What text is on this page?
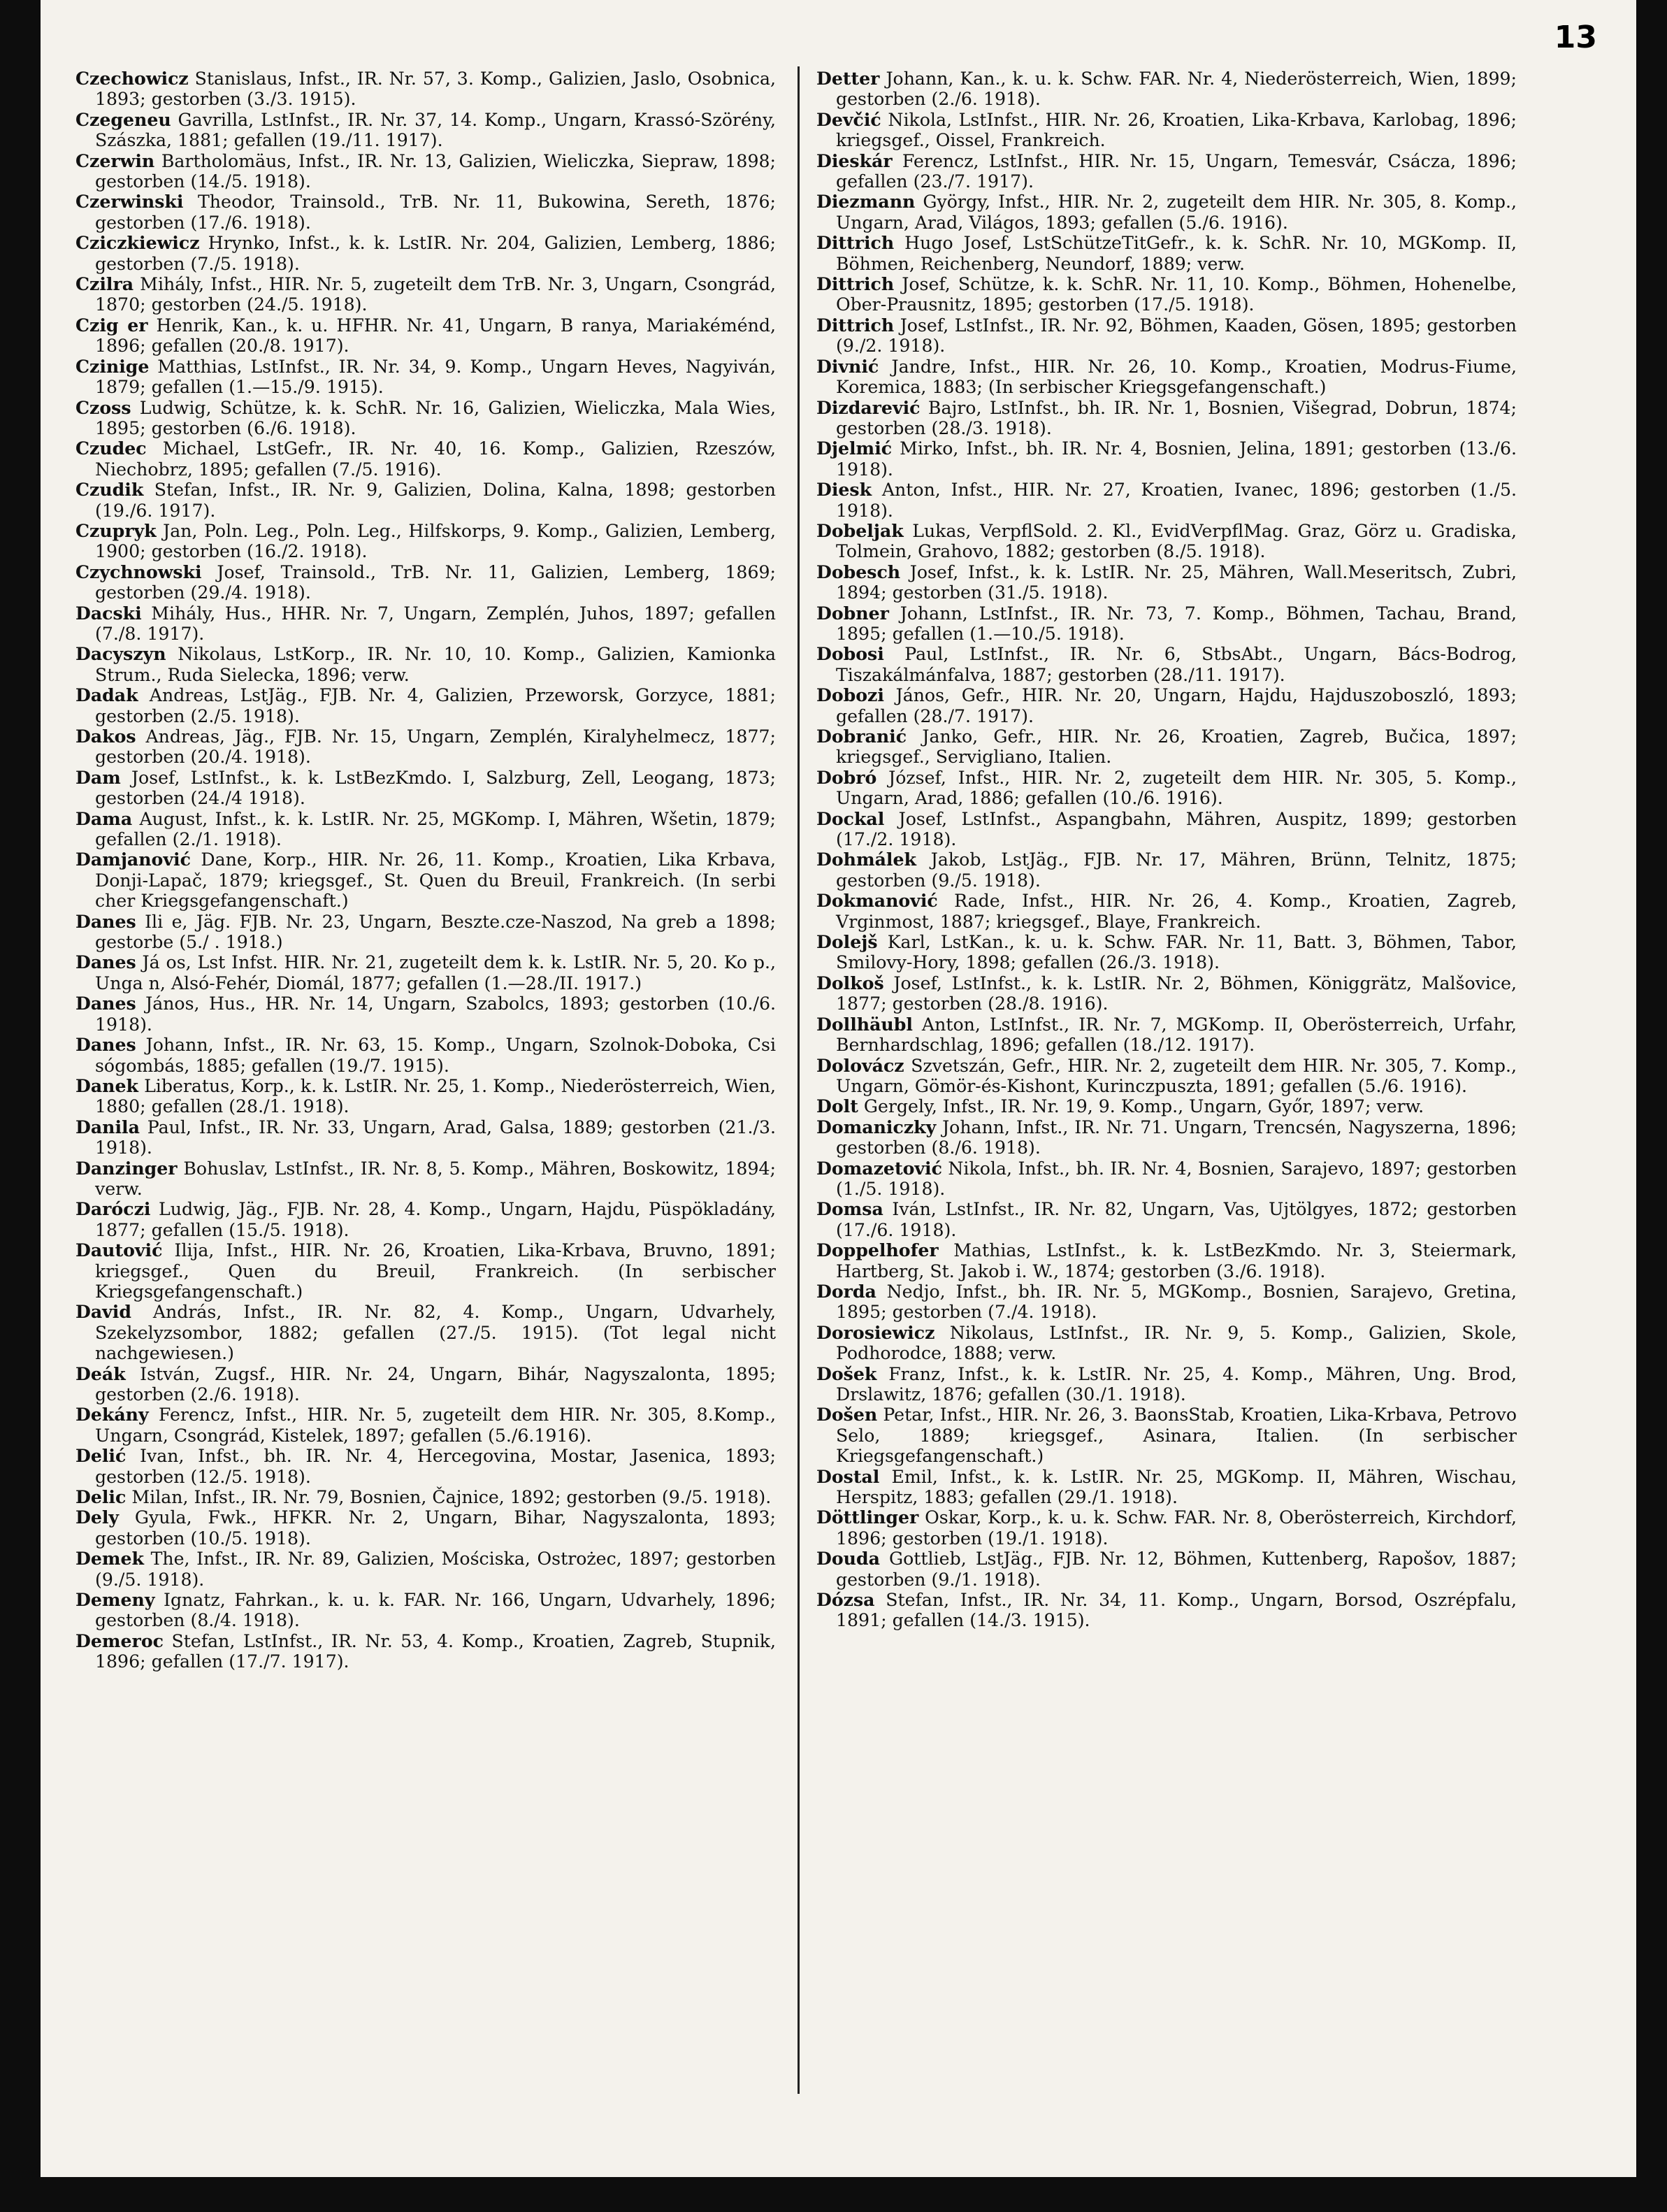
13

Czechowicz Stanislaus, Infst., IR. Nr. 57, 3. Komp., Galizien, Jaslo, Osobnica, 1893; gestorben (3./3. 1915).

Czegeneu Gavrilla, LstInfst., IR. Nr. 37, 14. Komp., Ungarn, Krassó-Szörény, Szászka, 1881; gefallen (19./11. 1917).

Czerwin Bartholomäus, Infst., IR. Nr. 13, Galizien, Wieliczka, Siepraw, 1898; gestorben (14./5. 1918).

Czerwinski Theodor, Trainsold., TrB. Nr. 11, Bukowina, Sereth, 1876; gestorben (17./6. 1918).

Cziczkiewicz Hrynko, Infst., k. k. LstIR. Nr. 204, Galizien, Lemberg, 1886; gestorben (7./5. 1918).

Czilra Mihály, Infst., HIR. Nr. 5, zugeteilt dem TrB. Nr. 3, Ungarn, Csongrád, 1870; gestorben (24./5. 1918).

Czig er Henrik, Kan., k. u. HFHR. Nr. 41, Ungarn, B ranya, Mariakéménd, 1896; gefallen (20./8. 1917).

Czinige Matthias, LstInfst., IR. Nr. 34, 9. Komp., Ungarn Heves, Nagyiván, 1879; gefallen (1.—15./9. 1915).

Czoss Ludwig, Schütze, k. k. SchR. Nr. 16, Galizien, Wieliczka, Mala Wies, 1895; gestorben (6./6. 1918).

Czudec Michael, LstGefr., IR. Nr. 40, 16. Komp., Galizien, Rzeszów, Niechobrz, 1895; gefallen (7./5. 1916).

Czudik Stefan, Infst., IR. Nr. 9, Galizien, Dolina, Kalna, 1898; gestorben (19./6. 1917).

Czupryk Jan, Poln. Leg., Poln. Leg., Hilfskorps, 9. Komp., Galizien, Lemberg, 1900; gestorben (16./2. 1918).

Czychnowski Josef, Trainsold., TrB. Nr. 11, Galizien, Lemberg, 1869; gestorben (29./4. 1918).

Dacski Mihály, Hus., HHR. Nr. 7, Ungarn, Zemplén, Juhos, 1897; gefallen (7./8. 1917).

Dacyszyn Nikolaus, LstKorp., IR. Nr. 10, 10. Komp., Galizien, Kamionka Strum., Ruda Sielecka, 1896; verw.

Dadak Andreas, LstJäg., FJB. Nr. 4, Galizien, Przeworsk, Gorzyce, 1881; gestorben (2./5. 1918).

Dakos Andreas, Jäg., FJB. Nr. 15, Ungarn, Zemplén, Kiralyhelmecz, 1877; gestorben (20./4. 1918).

Dam Josef, LstInfst., k. k. LstBezKmdo. I, Salzburg, Zell, Leogang, 1873; gestorben (24./4 1918).

Dama August, Infst., k. k. LstIR. Nr. 25, MGKomp. I, Mähren, Wšetin, 1879; gefallen (2./1. 1918).

Damjanović Dane, Korp., HIR. Nr. 26, 11. Komp., Kroatien, Lika Krbava, Donji-Lapač, 1879; kriegsgef., St. Quen du Breuil, Frankreich. (In serbi cher Kriegsgefangenschaft.)

Danes Ili e, Jäg. FJB. Nr. 23, Ungarn, Beszte.cze-Naszod, Na greb a 1898; gestorbe (5./ . 1918.)

Danes Já os, Lst Infst. HIR. Nr. 21, zugeteilt dem k. k. LstIR. Nr. 5, 20. Ko p., Unga n, Alsó-Fehér, Diomál, 1877; gefallen (1.—28./II. 1917.)

Danes János, Hus., HR. Nr. 14, Ungarn, Szabolcs, 1893; gestorben (10./6. 1918).

Danes Johann, Infst., IR. Nr. 63, 15. Komp., Ungarn, Szolnok-Doboka, Csi sógombás, 1885; gefallen (19./7. 1915).

Danek Liberatus, Korp., k. k. LstIR. Nr. 25, 1. Komp., Niederösterreich, Wien, 1880; gefallen (28./1. 1918).

Danila Paul, Infst., IR. Nr. 33, Ungarn, Arad, Galsa, 1889; gestorben (21./3. 1918).

Danzinger Bohuslav, LstInfst., IR. Nr. 8, 5. Komp., Mähren, Boskowitz, 1894; verw.

Daróczi Ludwig, Jäg., FJB. Nr. 28, 4. Komp., Ungarn, Hajdu, Püspökladány, 1877; gefallen (15./5. 1918).

Dautović Ilija, Infst., HIR. Nr. 26, Kroatien, Lika-Krbava, Bruvno, 1891; kriegsgef., Quen du Breuil, Frankreich. (In serbischer Kriegsgefangenschaft.)

David András, Infst., IR. Nr. 82, 4. Komp., Ungarn, Udvarhely, Szekelyzsombor, 1882; gefallen (27./5. 1915). (Tot legal nicht nachgewiesen.)

Deák István, Zugsf., HIR. Nr. 24, Ungarn, Bihár, Nagyszalonta, 1895; gestorben (2./6. 1918).

Dekány Ferencz, Infst., HIR. Nr. 5, zugeteilt dem HIR. Nr. 305, 8.Komp., Ungarn, Csongrád, Kistelek, 1897; gefallen (5./6.1916).

Delić Ivan, Infst., bh. IR. Nr. 4, Hercegovina, Mostar, Jasenica, 1893; gestorben (12./5. 1918).

Delic Milan, Infst., IR. Nr. 79, Bosnien, Čajnice, 1892; gestorben (9./5. 1918).

Dely Gyula, Fwk., HFKR. Nr. 2, Ungarn, Bihar, Nagyszalonta, 1893; gestorben (10./5. 1918).

Demek The, Infst., IR. Nr. 89, Galizien, Mościska, Ostrożec, 1897; gestorben (9./5. 1918).

Demeny Ignatz, Fahrkan., k. u. k. FAR. Nr. 166, Ungarn, Udvarhely, 1896; gestorben (8./4. 1918).

Demeroc Stefan, LstInfst., IR. Nr. 53, 4. Komp., Kroatien, Zagreb, Stupnik, 1896; gefallen (17./7. 1917).

Detter Johann, Kan., k. u. k. Schw. FAR. Nr. 4, Niederösterreich, Wien, 1899; gestorben (2./6. 1918).

Devčić Nikola, LstInfst., HIR. Nr. 26, Kroatien, Lika-Krbava, Karlobag, 1896; kriegsgef., Oissel, Frankreich.

Dieskár Ferencz, LstInfst., HIR. Nr. 15, Ungarn, Temesvár, Csácza, 1896; gefallen (23./7. 1917).

Diezmann György, Infst., HIR. Nr. 2, zugeteilt dem HIR. Nr. 305, 8. Komp., Ungarn, Arad, Világos, 1893; gefallen (5./6. 1916).

Dittrich Hugo Josef, LstSchützeTitGefr., k. k. SchR. Nr. 10, MGKomp. II, Böhmen, Reichenberg, Neundorf, 1889; verw.

Dittrich Josef, Schütze, k. k. SchR. Nr. 11, 10. Komp., Böhmen, Hohenelbe, Ober-Prausnitz, 1895; gestorben (17./5. 1918).

Dittrich Josef, LstInfst., IR. Nr. 92, Böhmen, Kaaden, Gösen, 1895; gestorben (9./2. 1918).

Divnić Jandre, Infst., HIR. Nr. 26, 10. Komp., Kroatien, Modrus-Fiume, Koremica, 1883; (In serbischer Kriegsgefangenschaft.)

Dizdarević Bajro, LstInfst., bh. IR. Nr. 1, Bosnien, Višegrad, Dobrun, 1874; gestorben (28./3. 1918).

Djelmić Mirko, Infst., bh. IR. Nr. 4, Bosnien, Jelina, 1891; gestorben (13./6. 1918).

Diesk Anton, Infst., HIR. Nr. 27, Kroatien, Ivanec, 1896; gestorben (1./5. 1918).

Dobeljak Lukas, VerpflSold. 2. Kl., EvidVerpflMag. Graz, Görz u. Gradiska, Tolmein, Grahovo, 1882; gestorben (8./5. 1918).

Dobesch Josef, Infst., k. k. LstIR. Nr. 25, Mähren, Wall.Meseritsch, Zubri, 1894; gestorben (31./5. 1918).

Dobner Johann, LstInfst., IR. Nr. 73, 7. Komp., Böhmen, Tachau, Brand, 1895; gefallen (1.—10./5. 1918).

Dobosi Paul, LstInfst., IR. Nr. 6, StbsAbt., Ungarn, Bács-Bodrog, Tiszakálmánfalva, 1887; gestorben (28./11. 1917).

Dobozi János, Gefr., HIR. Nr. 20, Ungarn, Hajdu, Hajduszoboszló, 1893; gefallen (28./7. 1917).

Dobranić Janko, Gefr., HIR. Nr. 26, Kroatien, Zagreb, Bučica, 1897; kriegsgef., Servigliano, Italien.

Dobró József, Infst., HIR. Nr. 2, zugeteilt dem HIR. Nr. 305, 5. Komp., Ungarn, Arad, 1886; gefallen (10./6. 1916).

Dockal Josef, LstInfst., Aspangbahn, Mähren, Auspitz, 1899; gestorben (17./2. 1918).

Dohmálek Jakob, LstJäg., FJB. Nr. 17, Mähren, Brünn, Telnitz, 1875; gestorben (9./5. 1918).

Dokmanović Rade, Infst., HIR. Nr. 26, 4. Komp., Kroatien, Zagreb, Vrginmost, 1887; kriegsgef., Blaye, Frankreich.

Dolejš Karl, LstKan., k. u. k. Schw. FAR. Nr. 11, Batt. 3, Böhmen, Tabor, Smilovy-Hory, 1898; gefallen (26./3. 1918).

Dolkoš Josef, LstInfst., k. k. LstIR. Nr. 2, Böhmen, Königgrätz, Malšovice, 1877; gestorben (28./8. 1916).

Dollhäubl Anton, LstInfst., IR. Nr. 7, MGKomp. II, Oberösterreich, Urfahr, Bernhardschlag, 1896; gefallen (18./12. 1917).

Dolovácz Szvetszán, Gefr., HIR. Nr. 2, zugeteilt dem HIR. Nr. 305, 7. Komp., Ungarn, Gömör-és-Kishont, Kurinczpuszta, 1891; gefallen (5./6. 1916).

Dolt Gergely, Infst., IR. Nr. 19, 9. Komp., Ungarn, Győr, 1897; verw.

Domaniczky Johann, Infst., IR. Nr. 71. Ungarn, Trencsén, Nagyszerna, 1896; gestorben (8./6. 1918).

Domazetović Nikola, Infst., bh. IR. Nr. 4, Bosnien, Sarajevo, 1897; gestorben (1./5. 1918).

Domsa Iván, LstInfst., IR. Nr. 82, Ungarn, Vas, Ujtölgyes, 1872; gestorben (17./6. 1918).

Doppelhofer Mathias, LstInfst., k. k. LstBezKmdo. Nr. 3, Steiermark, Hartberg, St. Jakob i. W., 1874; gestorben (3./6. 1918).

Dorda Nedjo, Infst., bh. IR. Nr. 5, MGKomp., Bosnien, Sarajevo, Gretina, 1895; gestorben (7./4. 1918).

Dorosiewicz Nikolaus, LstInfst., IR. Nr. 9, 5. Komp., Galizien, Skole, Podhorodce, 1888; verw.

Došek Franz, Infst., k. k. LstIR. Nr. 25, 4. Komp., Mähren, Ung. Brod, Drslawitz, 1876; gefallen (30./1. 1918).

Došen Petar, Infst., HIR. Nr. 26, 3. BaonsStab, Kroatien, Lika-Krbava, Petrovo Selo, 1889; kriegsgef., Asinara, Italien. (In serbischer Kriegsgefangenschaft.)

Dostal Emil, Infst., k. k. LstIR. Nr. 25, MGKomp. II, Mähren, Wischau, Herspitz, 1883; gefallen (29./1. 1918).

Döttlinger Oskar, Korp., k. u. k. Schw. FAR. Nr. 8, Oberösterreich, Kirchdorf, 1896; gestorben (19./1. 1918).

Douda Gottlieb, LstJäg., FJB. Nr. 12, Böhmen, Kuttenberg, Rapošov, 1887; gestorben (9./1. 1918).

Dózsa Stefan, Infst., IR. Nr. 34, 11. Komp., Ungarn, Borsod, Oszrépfalu, 1891; gefallen (14./3. 1915).
